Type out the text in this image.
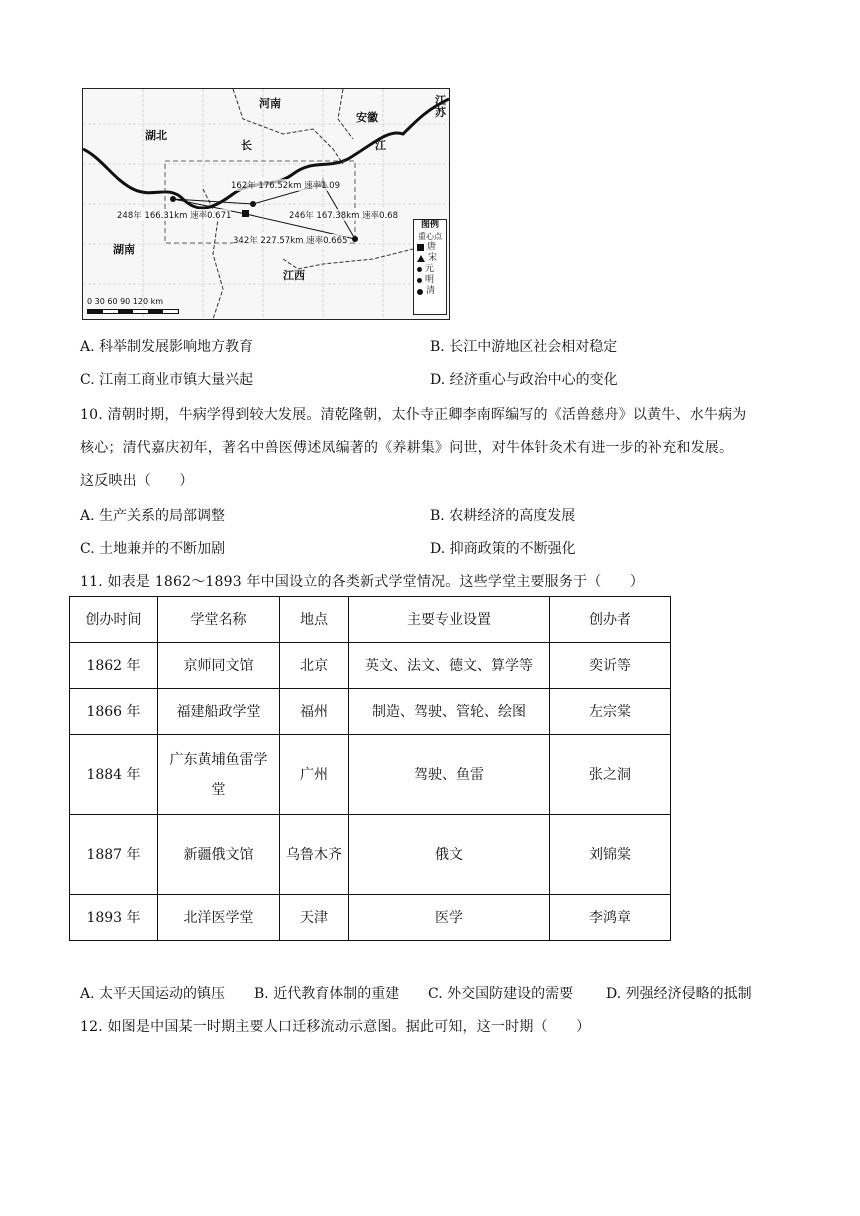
河南
安徽
江苏
湖北
长	江
湖南
江西
162年 176.52km 速率1.09
248年 166.31km 速率0.671	246年 167.38km 速率0.68
342年 227.57km 速率0.665
图例
重心点
唐
宋
元
明
清
0 30 60 90 120 km
A. 科举制发展影响地方教育	B. 长江中游地区社会相对稳定
C. 江南工商业市镇大量兴起	D. 经济重心与政治中心的变化
10. 清朝时期，牛病学得到较大发展。清乾隆朝，太仆寺正卿李南晖编写的《活兽慈舟》以黄牛、水牛病为
核心；清代嘉庆初年，著名中兽医傅述凤编著的《养耕集》问世，对牛体针灸术有进一步的补充和发展。
这反映出（　　）
A. 生产关系的局部调整	B. 农耕经济的高度发展
C. 土地兼并的不断加剧	D. 抑商政策的不断强化
11. 如表是 1862～1893 年中国设立的各类新式学堂情况。这些学堂主要服务于（　　）
创办时间	学堂名称	地点	主要专业设置	创办者
1862 年	京师同文馆	北京	英文、法文、德文、算学等	奕䜣等
1866 年	福建船政学堂	福州	制造、驾驶、管轮、绘图	左宗棠
1884 年	广东黄埔鱼雷学堂	广州	驾驶、鱼雷	张之洞
1887 年	新疆俄文馆	乌鲁木齐	俄文	刘锦棠
1893 年	北洋医学堂	天津	医学	李鸿章
A. 太平天国运动的镇压 B. 近代教育体制的重建 C. 外交国防建设的需要 D. 列强经济侵略的抵制
12. 如图是中国某一时期主要人口迁移流动示意图。据此可知，这一时期（　　）
